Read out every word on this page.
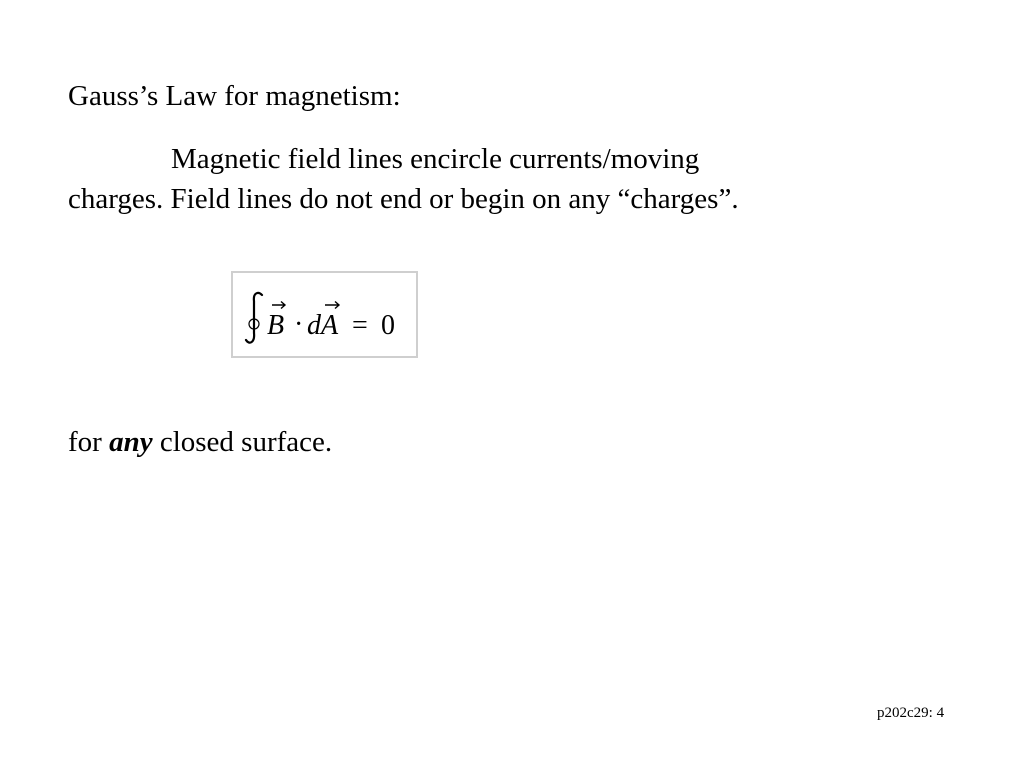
Gauss’s Law for magnetism:
Magnetic field lines encircle currents/moving
charges. Field lines do not end or begin on any “charges”.
B · dA = 0
for any closed surface.
p202c29: 4
